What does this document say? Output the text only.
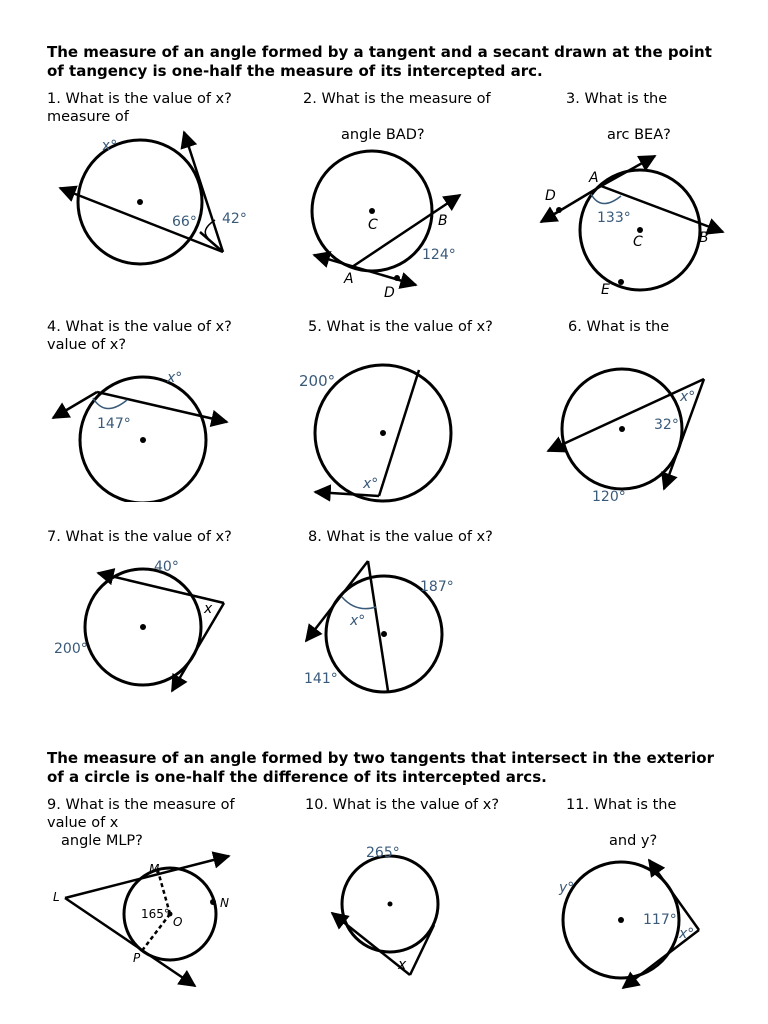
The measure of an angle formed by a tangent and a secant drawn at the point of tangency is one-half the measure of its intercepted arc.

The measure of an angle formed by two tangents that intersect in the exterior of a circle is one-half the difference of its intercepted arcs.

1. What is the value of x?
measure of
2. What is the measure of
angle BAD?
3. What is the
arc BEA?
4. What is the value of x?
value of x?
5. What is the value of x?	6. What is the
7. What is the value of x?	8. What is the value of x?
9. What is the measure of
value of x
angle MLP?
10. What is the value of x?	11. What is the
and y?
x°
66° 42°	C	B
A
D
124°
A
D
133°
C	B
E
x°
147°
200°
x°
x°
32°
120°
40°
x
200°
187°
x°
141°
M
L	N
165°
O
P
265°
x
y°
117°
x°
